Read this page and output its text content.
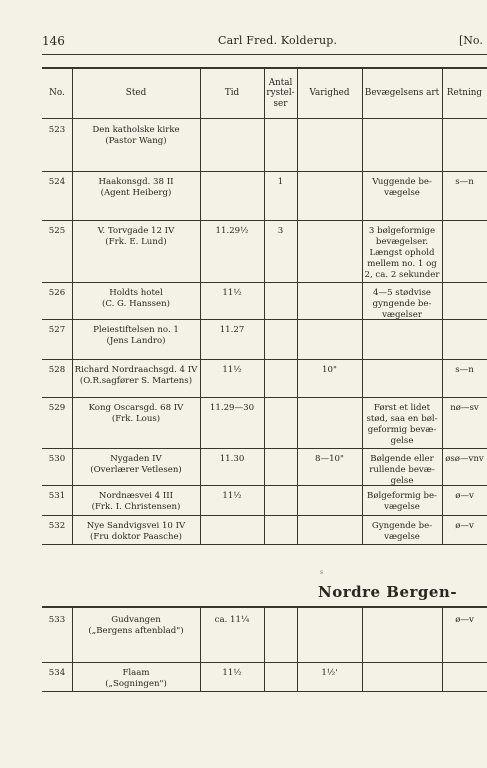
146	Carl Fred. Kolderup.	[No.
No.	Sted	Tid
Antal
rystel-
ser
Varighed	Bevægelsens art Retning
523	Den katholske kirke
(Pastor Wang)
524	Haakonsgd. 38 II
(Agent Heiberg)
1	Vuggende be-
vægelse
s—n
525	V. Torvgade 12 IV
(Frk. E. Lund)
11.29½	3	3 bølgeformige
bevægelser.
Længst ophold
mellem no. 1 og
2, ca. 2 sekunder
526	Holdts hotel
(C. G. Hanssen)
11½	4—5 stødvise
gyngende be-
vægelser
527	Pleiestiftelsen no. 1
(Jens Landro)
11.27
528	Richard Nordraachsgd. 4 IV
(O.R.sagfører S. Martens)
11½	10"	s—n
529	Kong Oscarsgd. 68 IV
(Frk. Lous)
11.29—30	Først et lidet
stød, saa en bøl-
geformig bevæ-
gelse
nø—sv
530	Nygaden IV
(Overlærer Vetlesen)
11.30	8—10"	Bølgende eller
rullende bevæ-
gelse
øsø—vnv
531	Nordnæsvei 4 III
(Frk. I. Christensen)
11½	Bølgeformig be-
vægelse
ø—v
532	Nye Sandvigsvei 10 IV
(Fru doktor Paasche)
Gyngende be-
vægelse
ø—v
s
Nordre Bergen-
533	Gudvangen
(„Bergens aftenblad")
ca. 11¼	ø—v
534	Flaam
(„Sogningen")
11½	1½'
